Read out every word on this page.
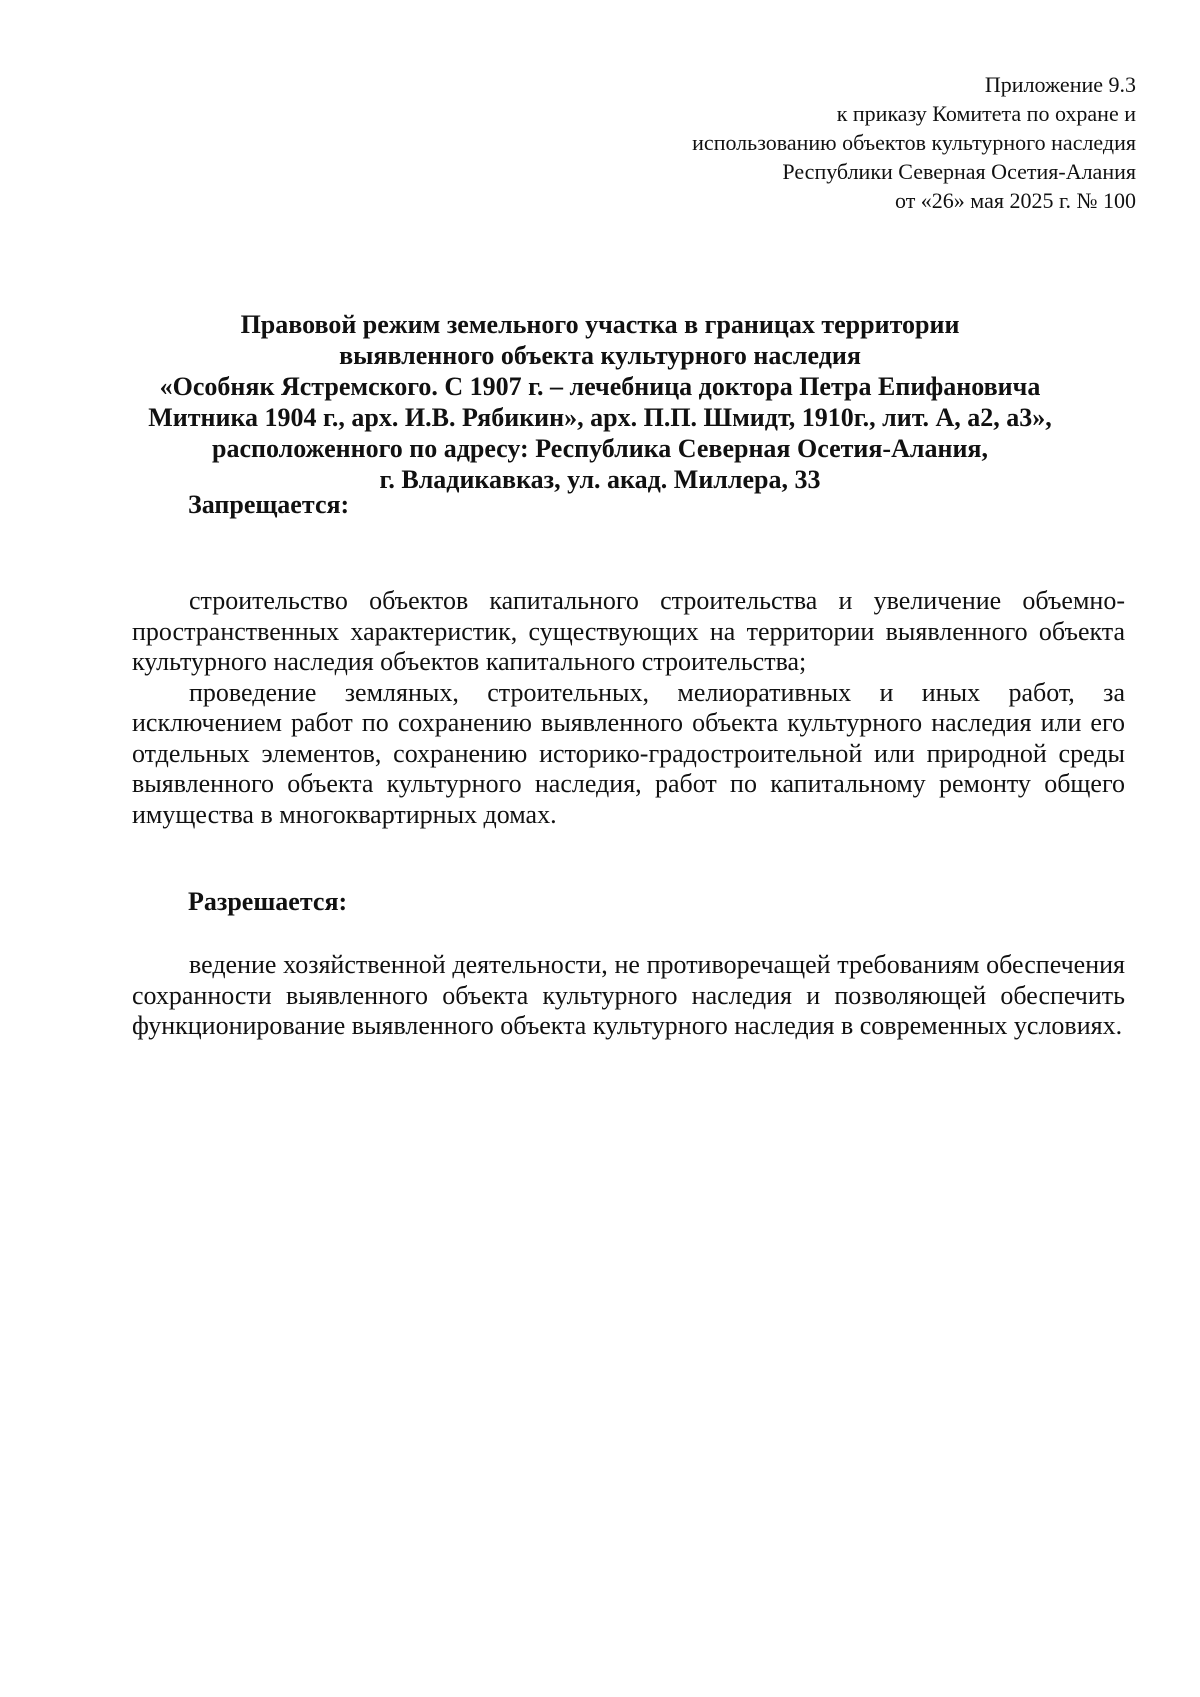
Приложение 9.3
к приказу Комитета по охране и
использованию объектов культурного наследия
Республики Северная Осетия-Алания
от «26» мая 2025 г. № 100
Правовой режим земельного участка в границах территории
выявленного объекта культурного наследия
«Особняк Ястремского. С 1907 г. – лечебница доктора Петра Епифановича
Митника 1904 г., арх. И.В. Рябикин», арх. П.П. Шмидт, 1910г., лит. А, а2, а3»,
расположенного по адресу: Республика Северная Осетия-Алания,
г. Владикавказ, ул. акад. Миллера, 33
Запрещается:

строительство объектов капитального строительства и увеличение объемно-пространственных характеристик, существующих на территории выявленного объекта культурного наследия объектов капитального строительства;

проведение земляных, строительных, мелиоративных и иных работ, за исключением работ по сохранению выявленного объекта культурного наследия или его отдельных элементов, сохранению историко-градостроительной или природной среды выявленного объекта культурного наследия, работ по капитальному ремонту общего имущества в многоквартирных домах.

Разрешается:

ведение хозяйственной деятельности, не противоречащей требованиям обеспечения сохранности выявленного объекта культурного наследия и позволяющей обеспечить функционирование выявленного объекта культурного наследия в современных условиях.
